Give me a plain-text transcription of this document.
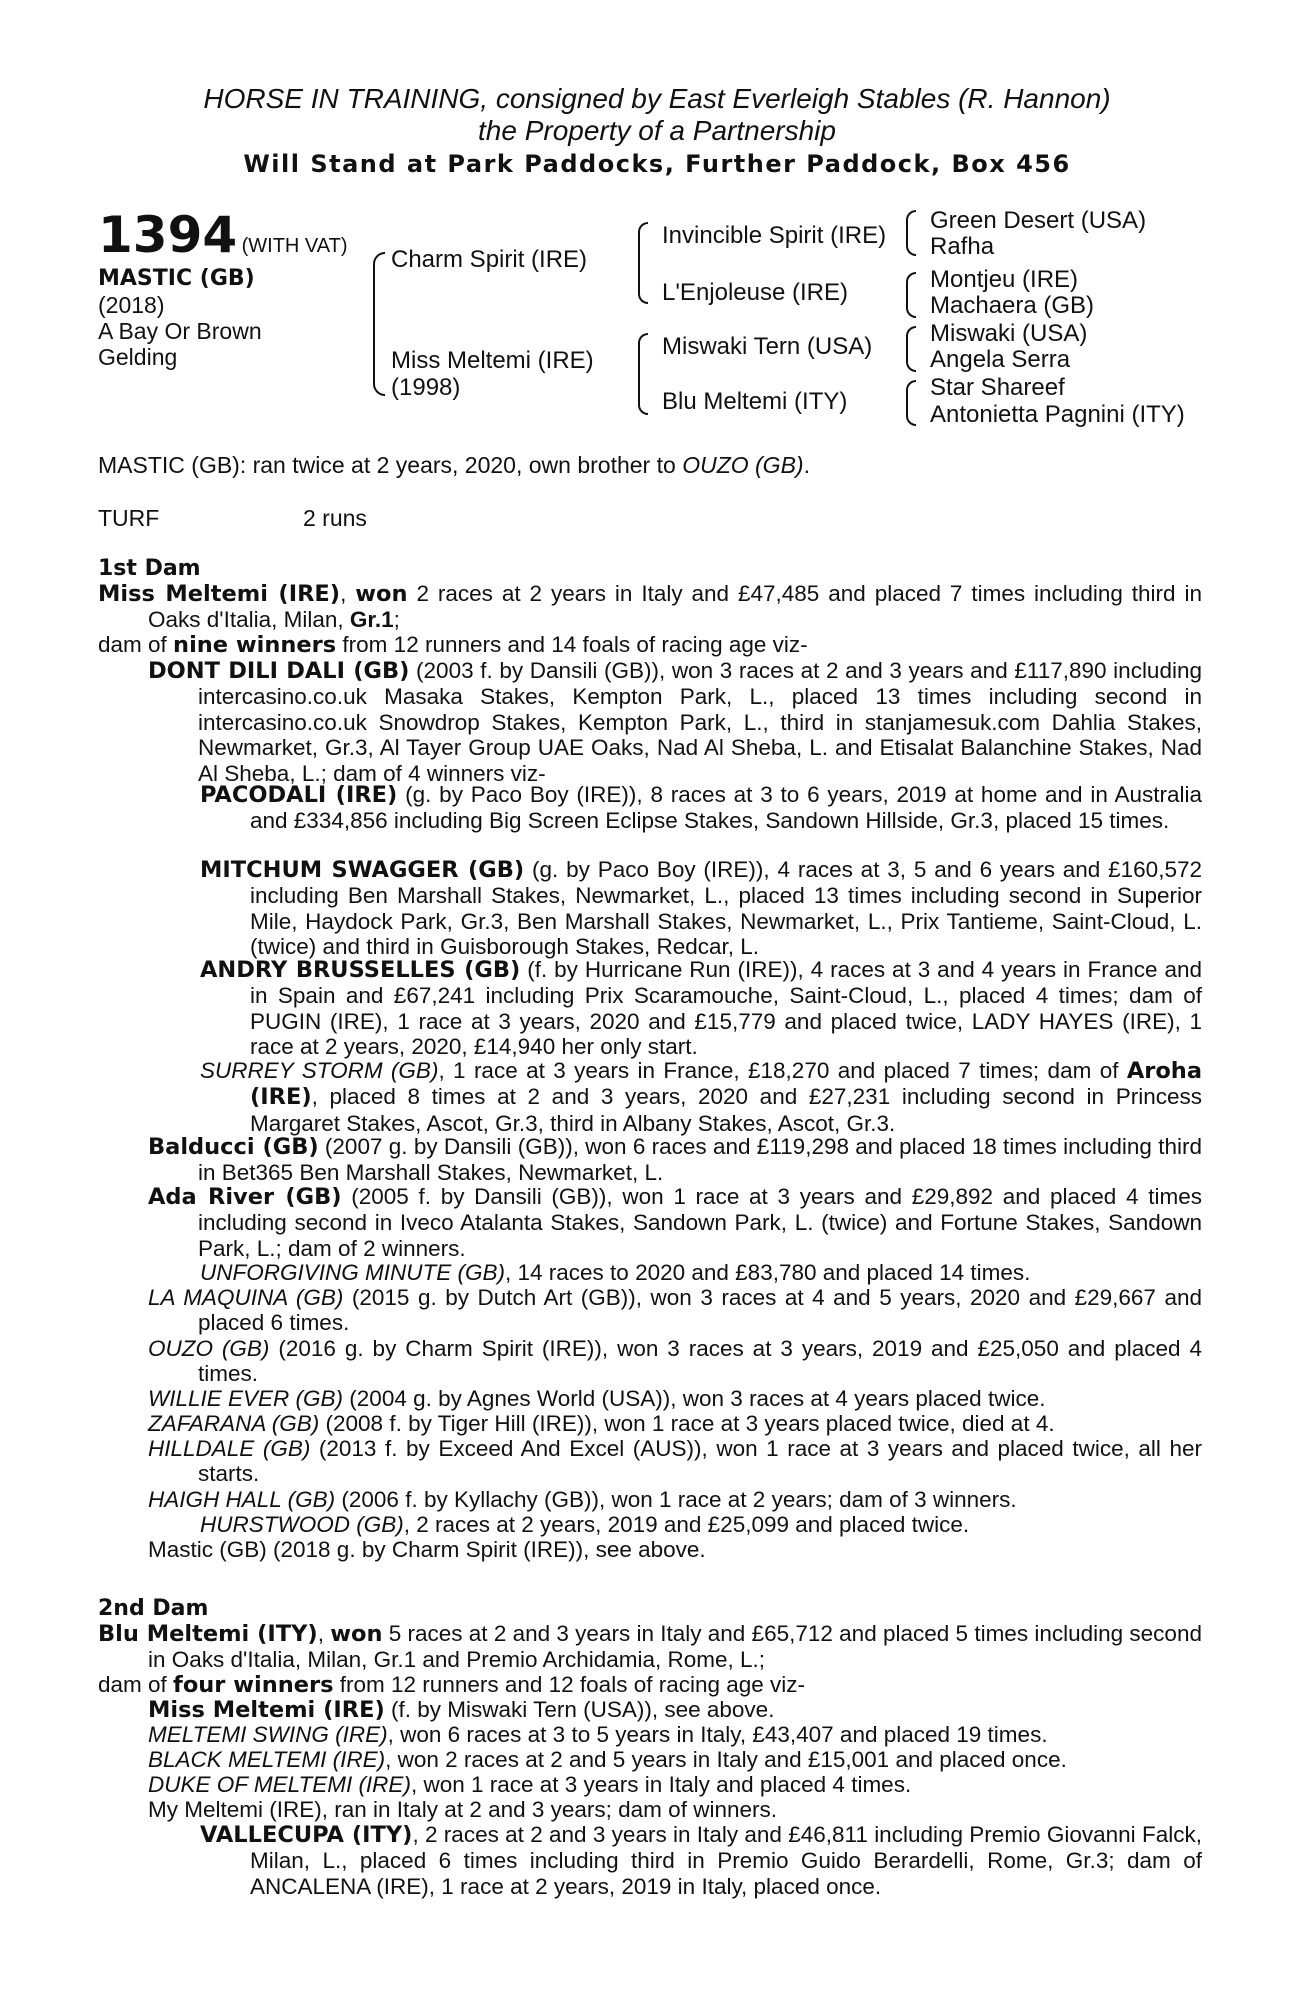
HORSE IN TRAINING, consigned by East Everleigh Stables (R. Hannon)
the Property of a Partnership
Will Stand at Park Paddocks, Further Paddock, Box 456
1394 (WITH VAT)
MASTIC (GB)
(2018)
A Bay Or Brown
Gelding
Charm Spirit (IRE)
Miss Meltemi (IRE)
(1998)
Invincible Spirit (IRE)
L'Enjoleuse (IRE)
Miswaki Tern (USA)
Blu Meltemi (ITY)
Green Desert (USA)
Rafha
Montjeu (IRE)
Machaera (GB)
Miswaki (USA)
Angela Serra
Star Shareef
Antonietta Pagnini (ITY)
MASTIC (GB): ran twice at 2 years, 2020, own brother to OUZO (GB).
TURF	2 runs
1st Dam
Miss Meltemi (IRE), won 2 races at 2 years in Italy and £47,485 and placed 7 times including third in Oaks d'Italia, Milan, Gr.1;
dam of nine winners from 12 runners and 14 foals of racing age viz-
DONT DILI DALI (GB) (2003 f. by Dansili (GB)), won 3 races at 2 and 3 years and £117,890 including intercasino.co.uk Masaka Stakes, Kempton Park, L., placed 13 times including second in intercasino.co.uk Snowdrop Stakes, Kempton Park, L., third in stanjamesuk.com Dahlia Stakes, Newmarket, Gr.3, Al Tayer Group UAE Oaks, Nad Al Sheba, L. and Etisalat Balanchine Stakes, Nad Al Sheba, L.; dam of 4 winners viz-
PACODALI (IRE) (g. by Paco Boy (IRE)), 8 races at 3 to 6 years, 2019 at home and in Australia and £334,856 including Big Screen Eclipse Stakes, Sandown Hillside, Gr.3, placed 15 times.
MITCHUM SWAGGER (GB) (g. by Paco Boy (IRE)), 4 races at 3, 5 and 6 years and £160,572 including Ben Marshall Stakes, Newmarket, L., placed 13 times including second in Superior Mile, Haydock Park, Gr.3, Ben Marshall Stakes, Newmarket, L., Prix Tantieme, Saint-Cloud, L. (twice) and third in Guisborough Stakes, Redcar, L.
ANDRY BRUSSELLES (GB) (f. by Hurricane Run (IRE)), 4 races at 3 and 4 years in France and in Spain and £67,241 including Prix Scaramouche, Saint-Cloud, L., placed 4 times; dam of PUGIN (IRE), 1 race at 3 years, 2020 and £15,779 and placed twice, LADY HAYES (IRE), 1 race at 2 years, 2020, £14,940 her only start.
SURREY STORM (GB), 1 race at 3 years in France, £18,270 and placed 7 times; dam of Aroha (IRE), placed 8 times at 2 and 3 years, 2020 and £27,231 including second in Princess Margaret Stakes, Ascot, Gr.3, third in Albany Stakes, Ascot, Gr.3.
Balducci (GB) (2007 g. by Dansili (GB)), won 6 races and £119,298 and placed 18 times including third in Bet365 Ben Marshall Stakes, Newmarket, L.
Ada River (GB) (2005 f. by Dansili (GB)), won 1 race at 3 years and £29,892 and placed 4 times including second in Iveco Atalanta Stakes, Sandown Park, L. (twice) and Fortune Stakes, Sandown Park, L.; dam of 2 winners.
UNFORGIVING MINUTE (GB), 14 races to 2020 and £83,780 and placed 14 times.
LA MAQUINA (GB) (2015 g. by Dutch Art (GB)), won 3 races at 4 and 5 years, 2020 and £29,667 and placed 6 times.
OUZO (GB) (2016 g. by Charm Spirit (IRE)), won 3 races at 3 years, 2019 and £25,050 and placed 4 times.
WILLIE EVER (GB) (2004 g. by Agnes World (USA)), won 3 races at 4 years placed twice.
ZAFARANA (GB) (2008 f. by Tiger Hill (IRE)), won 1 race at 3 years placed twice, died at 4.
HILLDALE (GB) (2013 f. by Exceed And Excel (AUS)), won 1 race at 3 years and placed twice, all her starts.
HAIGH HALL (GB) (2006 f. by Kyllachy (GB)), won 1 race at 2 years; dam of 3 winners.
HURSTWOOD (GB), 2 races at 2 years, 2019 and £25,099 and placed twice.
Mastic (GB) (2018 g. by Charm Spirit (IRE)), see above.
2nd Dam
Blu Meltemi (ITY), won 5 races at 2 and 3 years in Italy and £65,712 and placed 5 times including second in Oaks d'Italia, Milan, Gr.1 and Premio Archidamia, Rome, L.;
dam of four winners from 12 runners and 12 foals of racing age viz-
Miss Meltemi (IRE) (f. by Miswaki Tern (USA)), see above.
MELTEMI SWING (IRE), won 6 races at 3 to 5 years in Italy, £43,407 and placed 19 times.
BLACK MELTEMI (IRE), won 2 races at 2 and 5 years in Italy and £15,001 and placed once.
DUKE OF MELTEMI (IRE), won 1 race at 3 years in Italy and placed 4 times.
My Meltemi (IRE), ran in Italy at 2 and 3 years; dam of winners.
VALLECUPA (ITY), 2 races at 2 and 3 years in Italy and £46,811 including Premio Giovanni Falck, Milan, L., placed 6 times including third in Premio Guido Berardelli, Rome, Gr.3; dam of ANCALENA (IRE), 1 race at 2 years, 2019 in Italy, placed once.
